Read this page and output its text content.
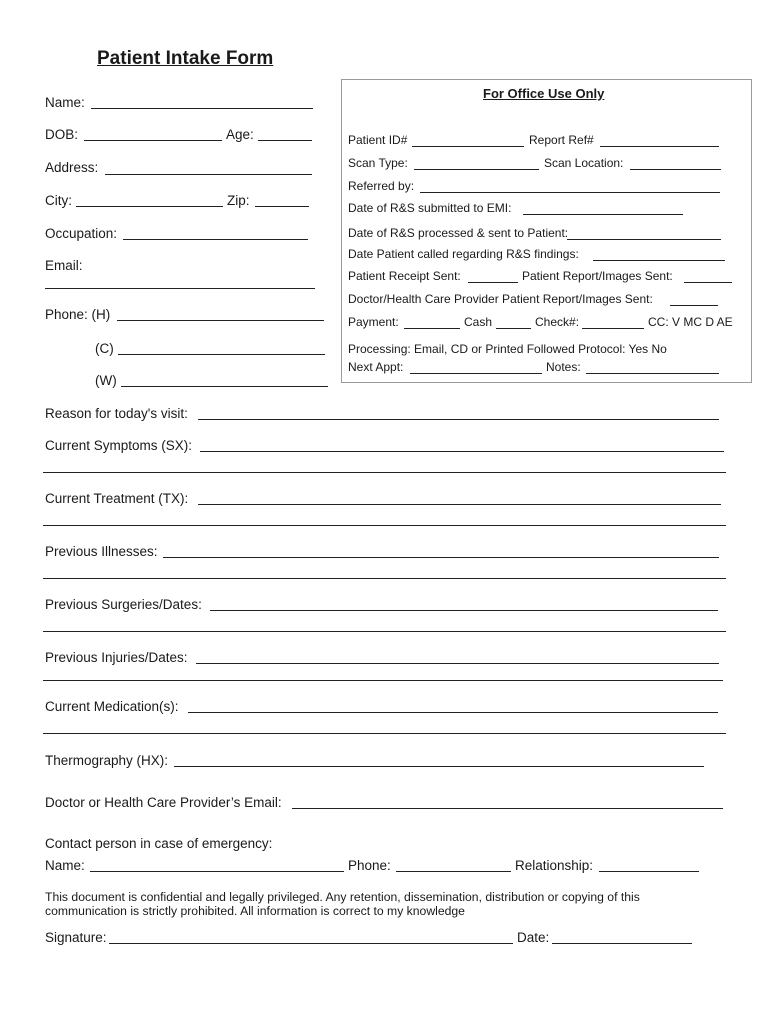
Patient Intake Form
Name:
DOB:	Age:
Address:
City:	Zip:
Occupation:
Email:
Phone: (H)
(C)
(W)
For Office Use Only
Patient ID#	Report Ref#
Scan Type:	Scan Location:
Referred by:
Date of R&S submitted to EMI:
Date of R&S processed & sent to Patient:
Date Patient called regarding R&S findings:
Patient Receipt Sent:	Patient Report/Images Sent:
Doctor/Health Care Provider Patient Report/Images Sent:
Payment:	Cash	Check#:	CC: V MC D AE
Processing: Email, CD or Printed Followed Protocol: Yes No
Next Appt:	Notes:
Reason for today's visit:
Current Symptoms (SX):
Current Treatment (TX):
Previous Illnesses:
Previous Surgeries/Dates:
Previous Injuries/Dates:
Current Medication(s):
Thermography (HX):
Doctor or Health Care Provider’s Email:
Contact person in case of emergency:
Name:	Phone:	Relationship:
This document is confidential and legally privileged. Any retention, dissemination, distribution or copying of this communication is strictly prohibited. All information is correct to my knowledge
Signature:	Date:
